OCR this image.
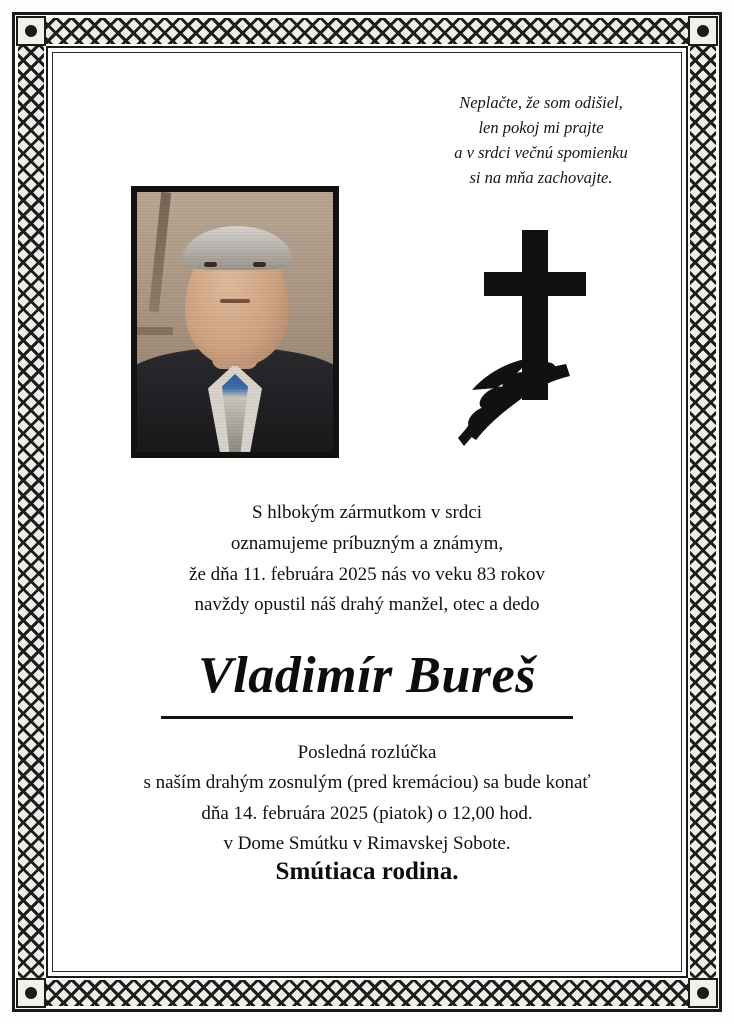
Neplačte, že som odišiel,
len pokoj mi prajte
a v srdci večnú spomienku
si na mňa zachovajte.
S hlbokým zármutkom v srdci
oznamujeme príbuzným a známym,
že dňa 11. februára 2025 nás vo veku 83 rokov
navždy opustil náš drahý manžel, otec a dedo
Vladimír Bureš
Posledná rozlúčka
s naším drahým zosnulým (pred kremáciou) sa bude konať
dňa 14. februára 2025 (piatok) o 12,00 hod.
v Dome Smútku v Rimavskej Sobote.
Smútiaca rodina.
